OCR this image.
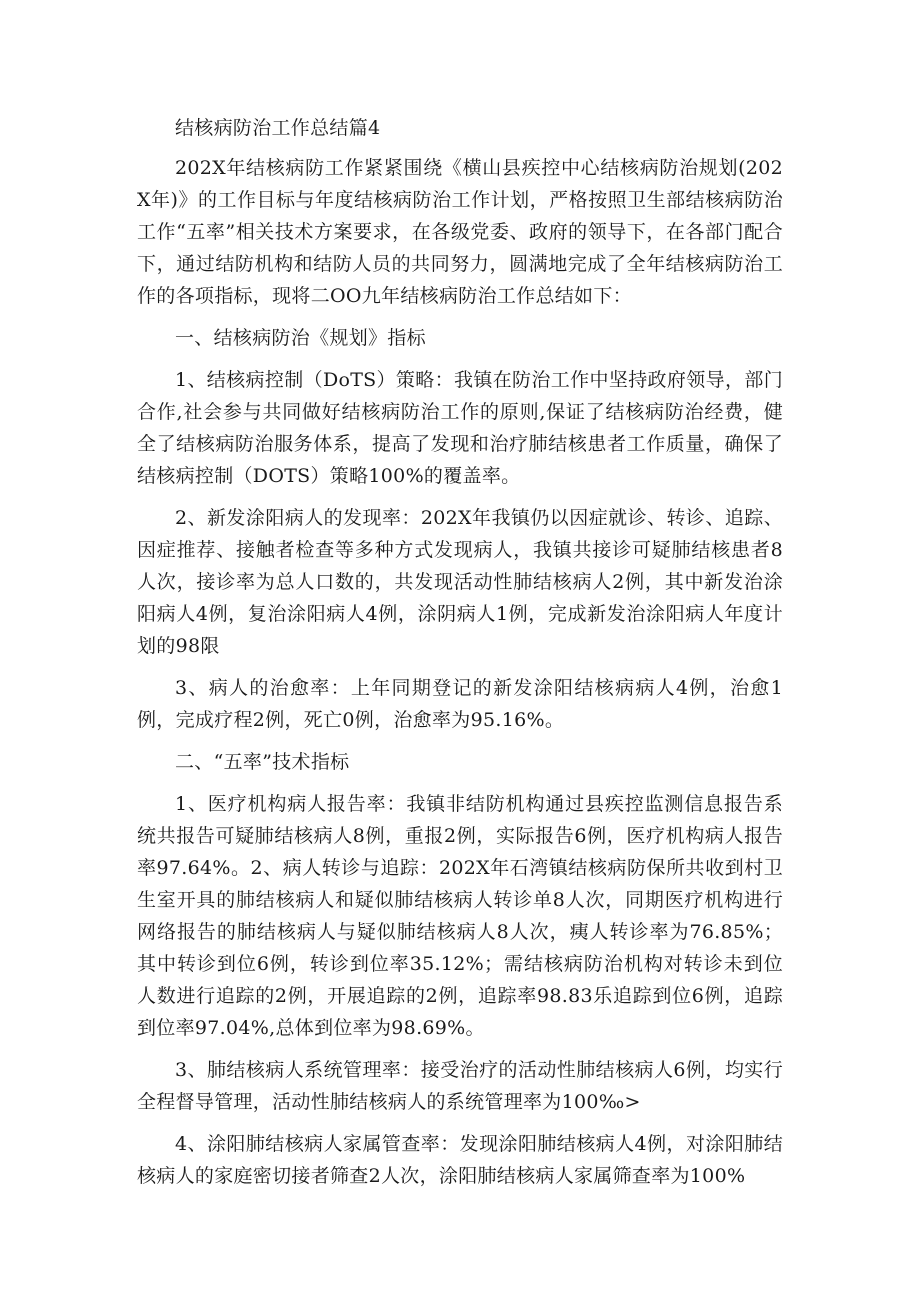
结核病防治工作总结篇4

202X年结核病防工作紧紧围绕《横山县疾控中心结核病防治规划(202X年)》的工作目标与年度结核病防治工作计划，严格按照卫生部结核病防治工作“五率”相关技术方案要求，在各级党委、政府的领导下，在各部门配合下，通过结防机构和结防人员的共同努力，圆满地完成了全年结核病防治工作的各项指标，现将二OO九年结核病防治工作总结如下：

一、结核病防治《规划》指标

1、结核病控制（DoTS）策略：我镇在防治工作中坚持政府领导，部门合作,社会参与共同做好结核病防治工作的原则,保证了结核病防治经费，健全了结核病防治服务体系，提高了发现和治疗肺结核患者工作质量，确保了结核病控制（DOTS）策略100%的覆盖率。

2、新发涂阳病人的发现率：202X年我镇仍以因症就诊、转诊、追踪、因症推荐、接触者检查等多种方式发现病人，我镇共接诊可疑肺结核患者8人次，接诊率为总人口数的，共发现活动性肺结核病人2例，其中新发治涂阳病人4例，复治涂阳病人4例，涂阴病人1例，完成新发治涂阳病人年度计划的98限

3、病人的治愈率：上年同期登记的新发涂阳结核病病人4例，治愈1例，完成疗程2例，死亡0例，治愈率为95.16%。

二、“五率”技术指标

1、医疗机构病人报告率：我镇非结防机构通过县疾控监测信息报告系统共报告可疑肺结核病人8例，重报2例，实际报告6例，医疗机构病人报告率97.64%。2、病人转诊与追踪：202X年石湾镇结核病防保所共收到村卫生室开具的肺结核病人和疑似肺结核病人转诊单8人次，同期医疗机构进行网络报告的肺结核病人与疑似肺结核病人8人次，痍人转诊率为76.85%；其中转诊到位6例，转诊到位率35.12%；需结核病防治机构对转诊未到位人数进行追踪的2例，开展追踪的2例，追踪率98.83乐追踪到位6例，追踪到位率97.04%,总体到位率为98.69%。

3、肺结核病人系统管理率：接受治疗的活动性肺结核病人6例，均实行全程督导管理，活动性肺结核病人的系统管理率为100‰>

4、涂阳肺结核病人家属管查率：发现涂阳肺结核病人4例，对涂阳肺结核病人的家庭密切接者筛查2人次，涂阳肺结核病人家属筛查率为100%
